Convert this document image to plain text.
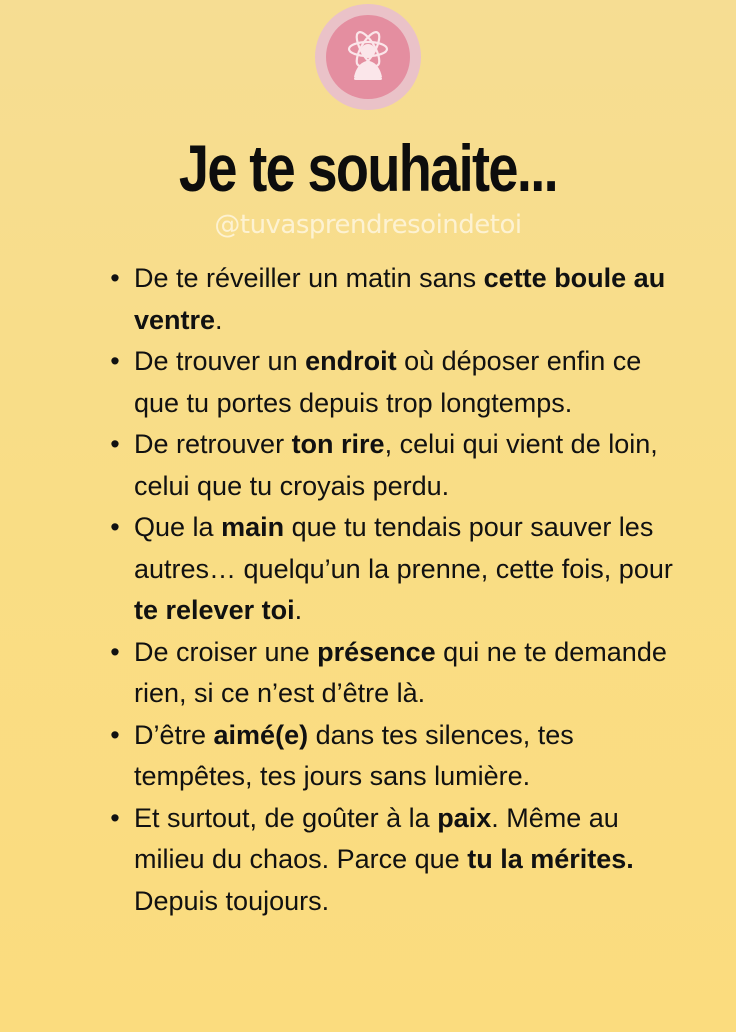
Je te souhaite...
@tuvasprendresoindetoi
• De te réveiller un matin sans cette boule au ventre.
• De trouver un endroit où déposer enfin ce que tu portes depuis trop longtemps.
• De retrouver ton rire, celui qui vient de loin, celui que tu croyais perdu.
• Que la main que tu tendais pour sauver les autres… quelqu’un la prenne, cette fois, pour te relever toi.
• De croiser une présence qui ne te demande rien, si ce n’est d’être là.
• D’être aimé(e) dans tes silences, tes tempêtes, tes jours sans lumière.
• Et surtout, de goûter à la paix. Même au milieu du chaos. Parce que tu la mérites. Depuis toujours.
